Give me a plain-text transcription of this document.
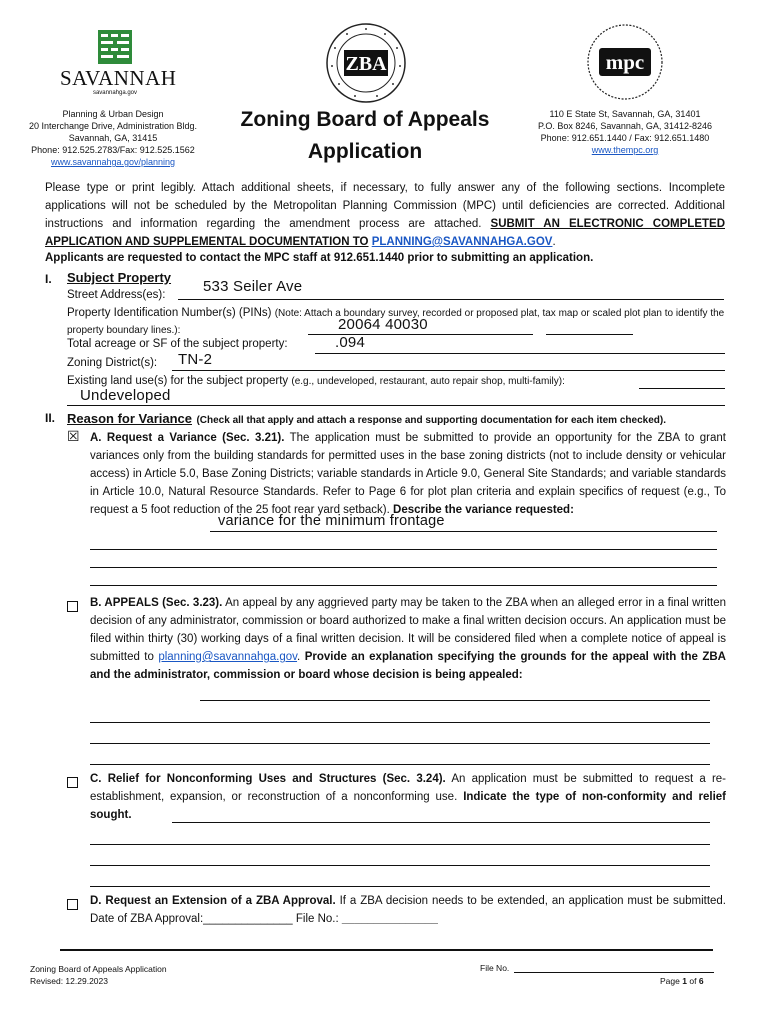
SAVANNAH
savannahga.gov
Planning & Urban Design
20 Interchange Drive, Administration Bldg.
Savannah, GA, 31415
Phone: 912.525.2783/Fax: 912.525.1562
www.savannahga.gov/planning
ZBA
Zoning Board of Appeals
Application
mpc
110 E State St, Savannah, GA, 31401
P.O. Box 8246, Savannah, GA, 31412-8246
Phone: 912.651.1440 / Fax: 912.651.1480
www.thempc.org
Please type or print legibly. Attach additional sheets, if necessary, to fully answer any of the following sections. Incomplete applications will not be scheduled by the Metropolitan Planning Commission (MPC) until deficiencies are corrected. Additional instructions and information regarding the amendment process are attached. SUBMIT AN ELECTRONIC COMPLETED APPLICATION AND SUPPLEMENTAL DOCUMENTATION TO PLANNING@SAVANNAHGA.GOV.
Applicants are requested to contact the MPC staff at 912.651.1440 prior to submitting an application.
I. Subject Property
Street Address(es):	533 Seiler Ave
Property Identification Number(s) (PINs) (Note: Attach a boundary survey, recorded or proposed plat, tax map or scaled plot plan to identify the property boundary lines.):	20064 40030
Total acreage or SF of the subject property:	.094
Zoning District(s): TN-2
Existing land use(s) for the subject property (e.g., undeveloped, restaurant, auto repair shop, multi-family):
Undeveloped
II. Reason for Variance (Check all that apply and attach a response and supporting documentation for each item checked).
☒ A. Request a Variance (Sec. 3.21). The application must be submitted to provide an opportunity for the ZBA to grant variances only from the building standards for permitted uses in the base zoning districts (not to include density or vehicular access) in Article 5.0, Base Zoning Districts; variable standards in Article 9.0, General Site Standards; and variable standards in Article 10.0, Natural Resource Standards. Refer to Page 6 for plot plan criteria and explain specifics of request (e.g., To request a 5 foot reduction of the 25 foot rear yard setback). Describe the variance requested:
variance for the minimum frontage
B. APPEALS (Sec. 3.23). An appeal by any aggrieved party may be taken to the ZBA when an alleged error in a final written decision of any administrator, commission or board authorized to make a final written decision occurs. An application must be filed within thirty (30) working days of a final written decision. It will be considered filed when a complete notice of appeal is submitted to planning@savannahga.gov. Provide an explanation specifying the grounds for the appeal with the ZBA and the administrator, commission or board whose decision is being appealed:
C. Relief for Nonconforming Uses and Structures (Sec. 3.24). An application must be submitted to request a re-establishment, expansion, or reconstruction of a nonconforming use. Indicate the type of non-conformity and relief sought.
D. Request an Extension of a ZBA Approval. If a ZBA decision needs to be extended, an application must be submitted. Date of ZBA Approval:______________ File No.: _______________
Zoning Board of Appeals Application
Revised: 12.29.2023
File No.
Page 1 of 6
